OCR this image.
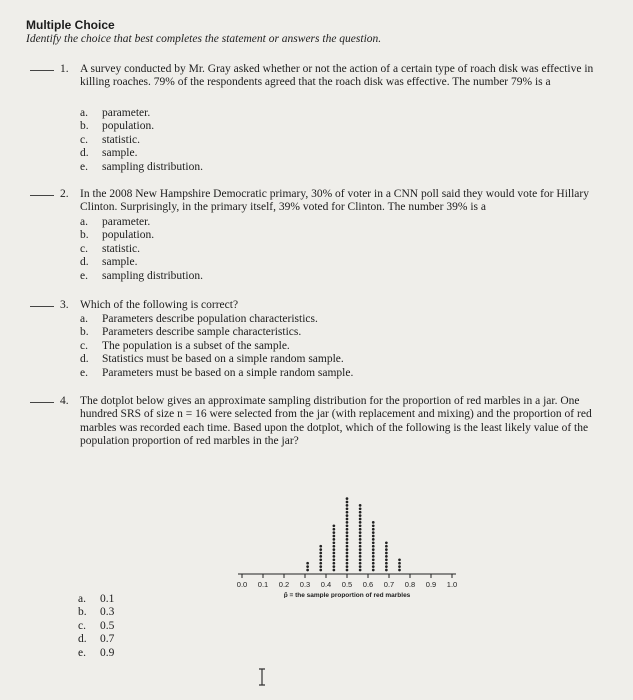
Multiple Choice
Identify the choice that best completes the statement or answers the question.
1. A survey conducted by Mr. Gray asked whether or not the action of a certain type of roach disk was effective in killing roaches. 79% of the respondents agreed that the roach disk was effective. The number 79% is a
a. parameter.
b. population.
c. statistic.
d. sample.
e. sampling distribution.
2. In the 2008 New Hampshire Democratic primary, 30% of voter in a CNN poll said they would vote for Hillary Clinton. Surprisingly, in the primary itself, 39% voted for Clinton. The number 39% is a
a. parameter.
b. population.
c. statistic.
d. sample.
e. sampling distribution.
3. Which of the following is correct?
a. Parameters describe population characteristics.
b. Parameters describe sample characteristics.
c. The population is a subset of the sample.
d. Statistics must be based on a simple random sample.
e. Parameters must be based on a simple random sample.
4. The dotplot below gives an approximate sampling distribution for the proportion of red marbles in a jar. One hundred SRS of size n = 16 were selected from the jar (with replacement and mixing) and the proportion of red marbles was recorded each time. Based upon the dotplot, which of the following is the least likely value of the population proportion of red marbles in the jar?
0.0 0.1 0.2 0.3 0.4 0.5 0.6 0.7 0.8 0.9 1.0
p̂ = the sample proportion of red marbles
a. 0.1
b. 0.3
c. 0.5
d. 0.7
e. 0.9
